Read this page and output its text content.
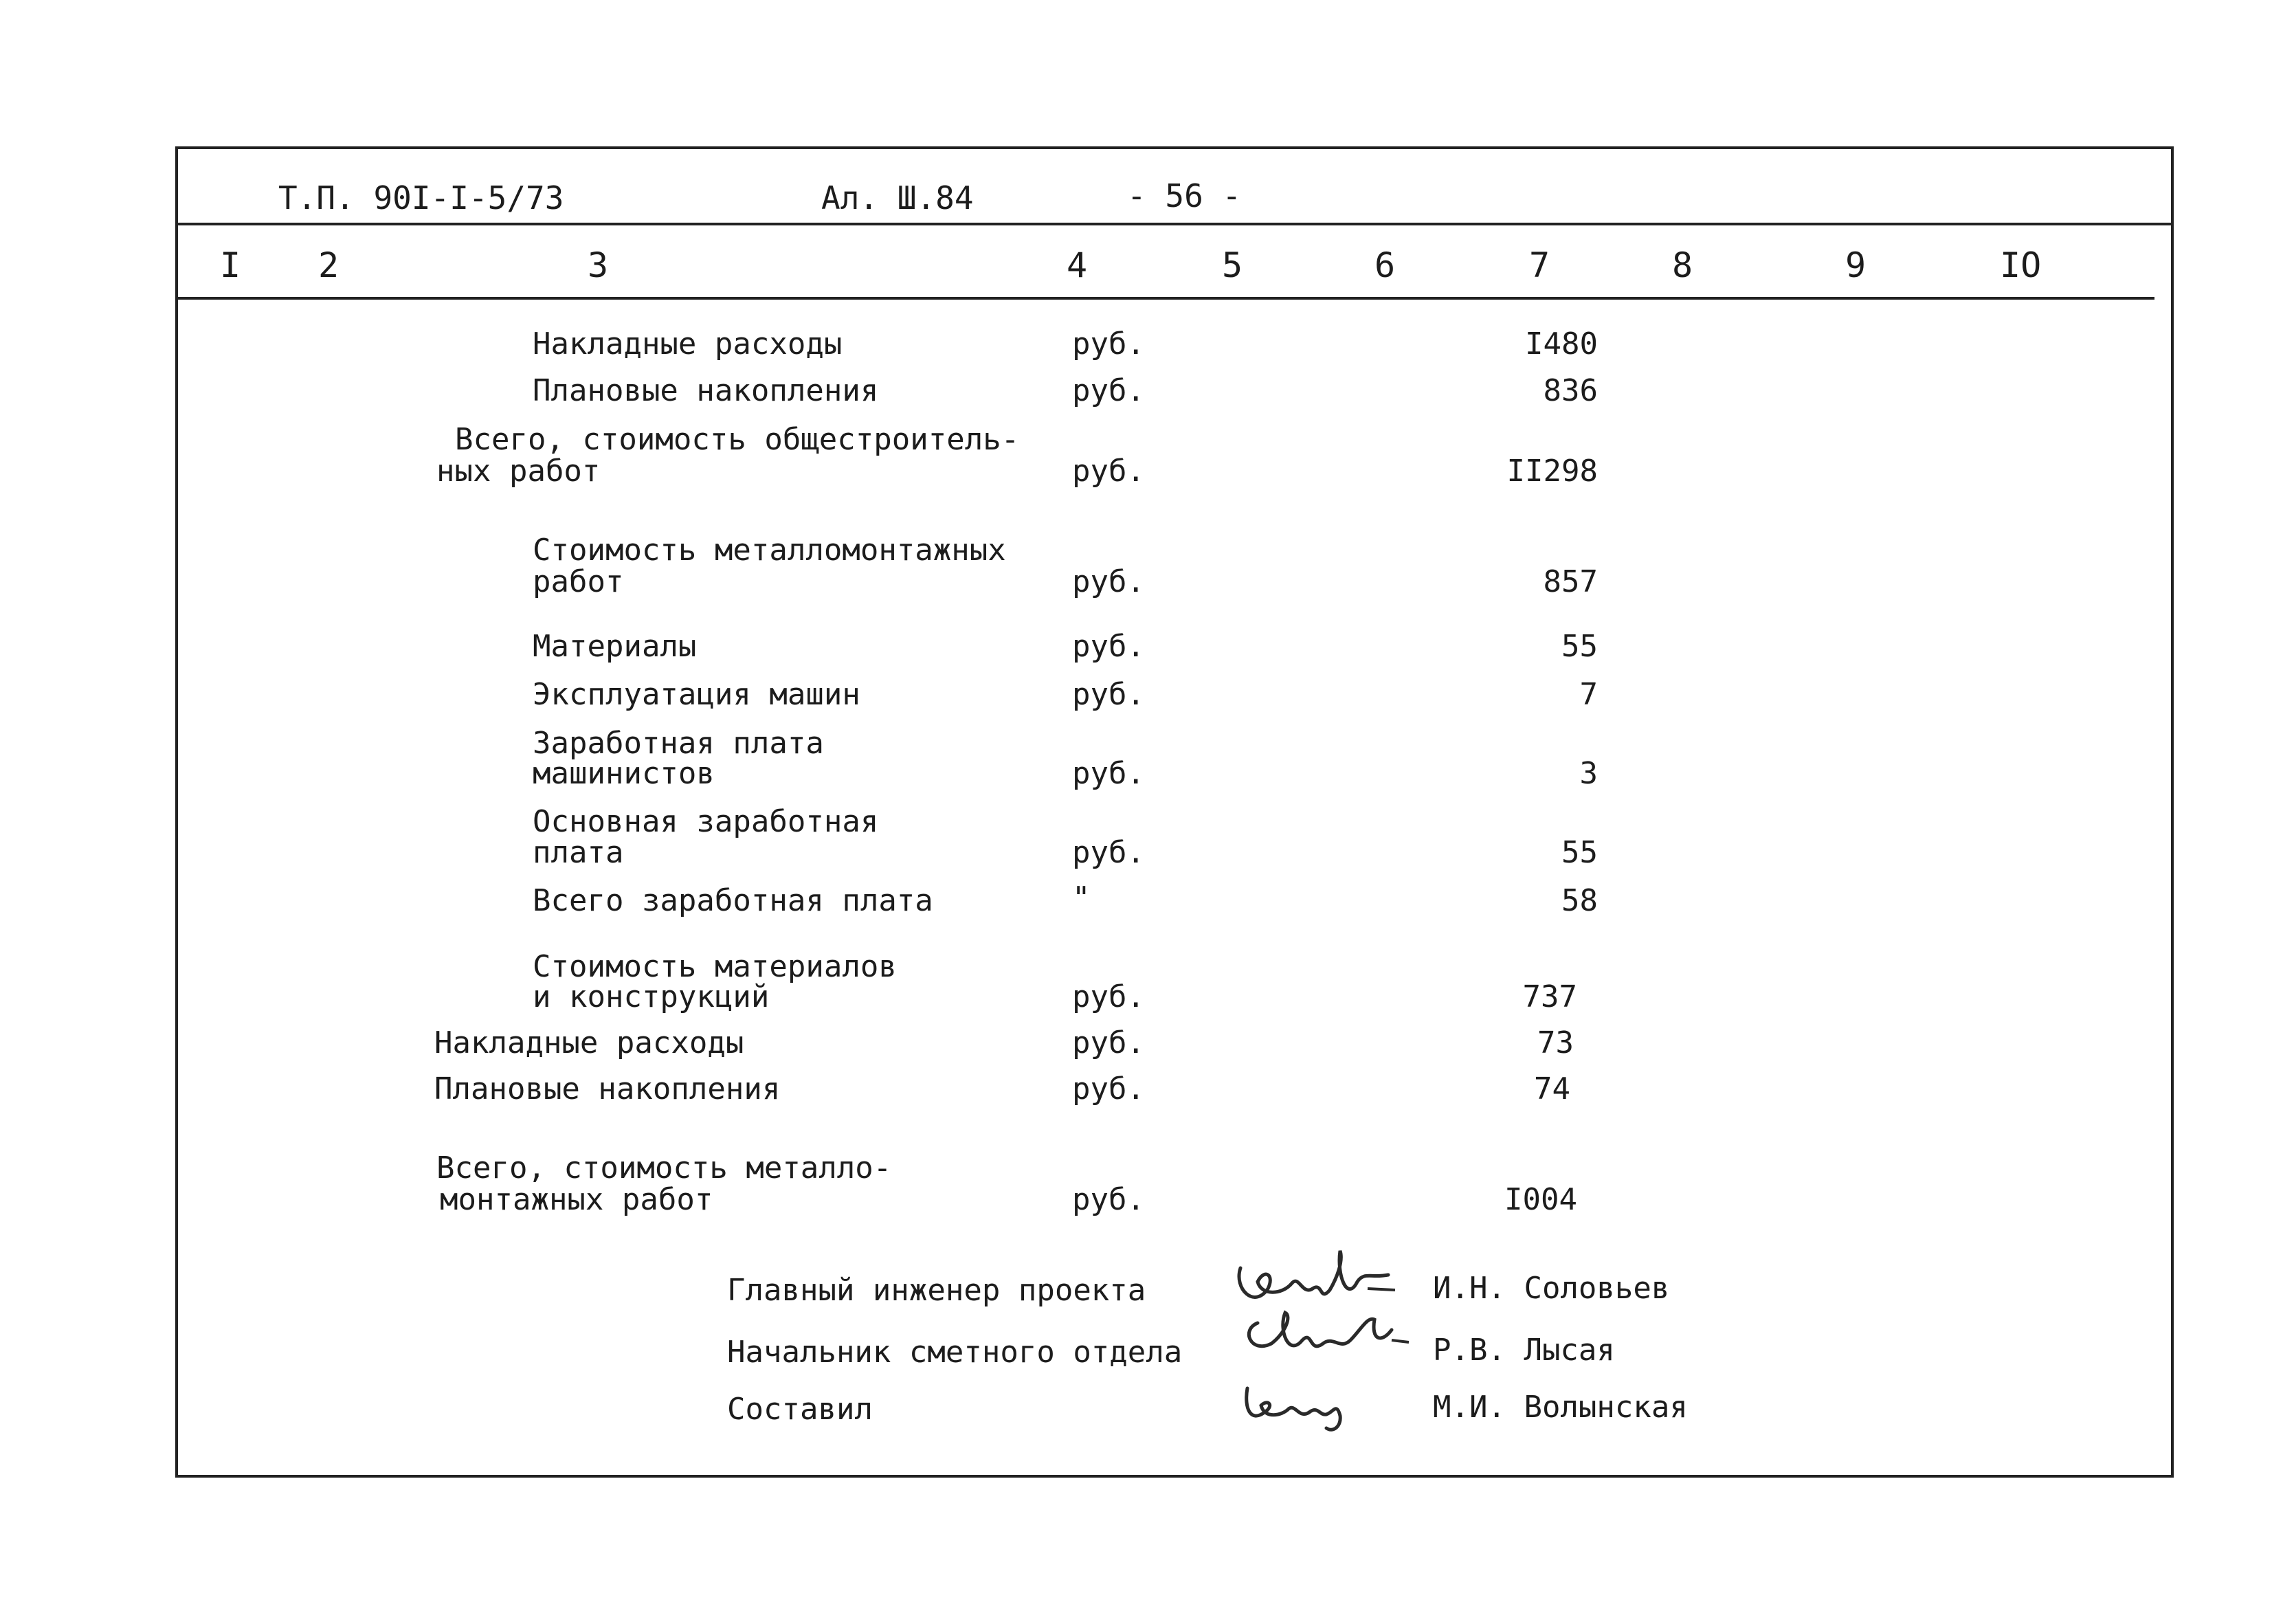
Т.П. 90I-I-5/73	Ал. Ш.84	- 56 -
I 2	3	4	5	6	7	8	9	IO
Накладные расходы	руб.	I480
Плановые накопления	руб.	836
Всего, стоимость общестроитель-
ных работ	руб.	II298
Стоимость металломонтажных
работ	руб.	857
Материалы	руб.	55
Эксплуатация машин	руб.	7
Заработная плата
машинистов	руб.	3
Основная заработная
плата	руб.	55
Всего заработная плата	"	58
Стоимость материалов
и конструкций	руб.	737
Накладные расходы	руб.	73
Плановые накопления	руб.	74
Всего, стоимость металло-
монтажных работ	руб.	I004
Главный инженер проекта	И.Н. Соловьев
Начальник сметного отдела	Р.В. Лысая
Составил	М.И. Волынская
